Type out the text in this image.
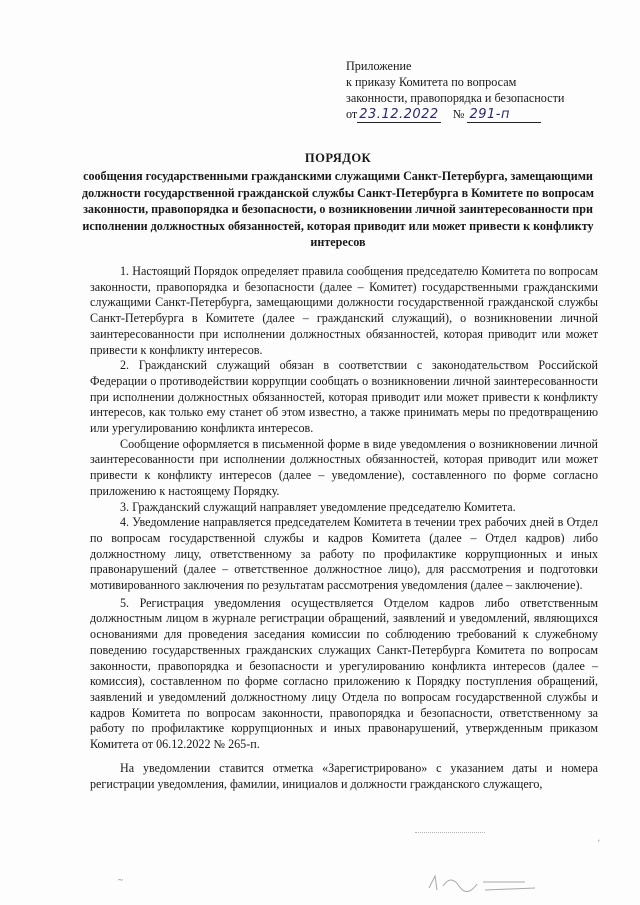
Приложение
к приказу Комитета по вопросам
законности, правопорядка и безопасности
от 23.12.2022 № 291-п
ПОРЯДОК
сообщения государственными гражданскими служащими Санкт-Петербурга, замещающими должности государственной гражданской службы Санкт-Петербурга в Комитете по вопросам законности, правопорядка и безопасности, о возникновении личной заинтересованности при исполнении должностных обязанностей, которая приводит или может привести к конфликту интересов

1. Настоящий Порядок определяет правила сообщения председателю Комитета по вопросам законности, правопорядка и безопасности (далее – Комитет) государственными гражданскими служащими Санкт-Петербурга, замещающими должности государственной гражданской службы Санкт-Петербурга в Комитете (далее – гражданский служащий), о возникновении личной заинтересованности при исполнении должностных обязанностей, которая приводит или может привести к конфликту интересов.

2. Гражданский служащий обязан в соответствии с законодательством Российской Федерации о противодействии коррупции сообщать о возникновении личной заинтересованности при исполнении должностных обязанностей, которая приводит или может привести к конфликту интересов, как только ему станет об этом известно, а также принимать меры по предотвращению или урегулированию конфликта интересов.

Сообщение оформляется в письменной форме в виде уведомления о возникновении личной заинтересованности при исполнении должностных обязанностей, которая приводит или может привести к конфликту интересов (далее – уведомление), составленного по форме согласно приложению к настоящему Порядку.

3. Гражданский служащий направляет уведомление председателю Комитета.

4. Уведомление направляется председателем Комитета в течении трех рабочих дней в Отдел по вопросам государственной службы и кадров Комитета (далее – Отдел кадров) либо должностному лицу, ответственному за работу по профилактике коррупционных и иных правонарушений (далее – ответственное должностное лицо), для рассмотрения и подготовки мотивированного заключения по результатам рассмотрения уведомления (далее – заключение).

5. Регистрация уведомления осуществляется Отделом кадров либо ответственным должностным лицом в журнале регистрации обращений, заявлений и уведомлений, являющихся основаниями для проведения заседания комиссии по соблюдению требований к служебному поведению государственных гражданских служащих Санкт-Петербурга Комитета по вопросам законности, правопорядка и безопасности и урегулированию конфликта интересов (далее – комиссия), составленном по форме согласно приложению к Порядку поступления обращений, заявлений и уведомлений должностному лицу Отдела по вопросам государственной службы и кадров Комитета по вопросам законности, правопорядка и безопасности, ответственному за работу по профилактике коррупционных и иных правонарушений, утвержденным приказом Комитета от 06.12.2022 № 265-п.

На уведомлении ставится отметка «Зарегистрировано» с указанием даты и номера регистрации уведомления, фамилии, инициалов и должности гражданского служащего,

~
ʹ
